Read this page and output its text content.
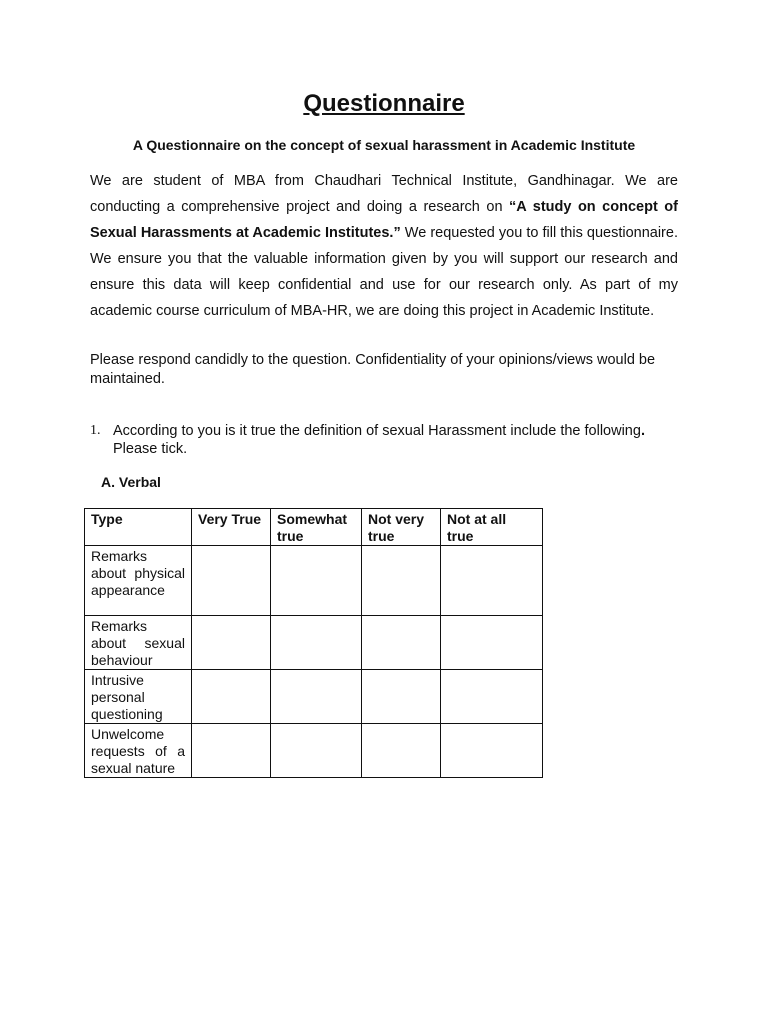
Questionnaire
A Questionnaire on the concept of sexual harassment in Academic Institute

We are student of MBA from Chaudhari Technical Institute, Gandhinagar. We are conducting a comprehensive project and doing a research on “A study on concept of Sexual Harassments at Academic Institutes.” We requested you to fill this questionnaire. We ensure you that the valuable information given by you will support our research and ensure this data will keep confidential and use for our research only. As part of my academic course curriculum of MBA-HR, we are doing this project in Academic Institute.

Please respond candidly to the question. Confidentiality of your opinions/views would be maintained.

1. According to you is it true the definition of sexual Harassment include the following.
Please tick.
A. Verbal
Type	Very True	Somewhat true	Not very true	Not at all true
Remarks about physical appearance				
Remarks about sexual behaviour				
Intrusive personal questioning				
Unwelcome requests of a sexual nature				
